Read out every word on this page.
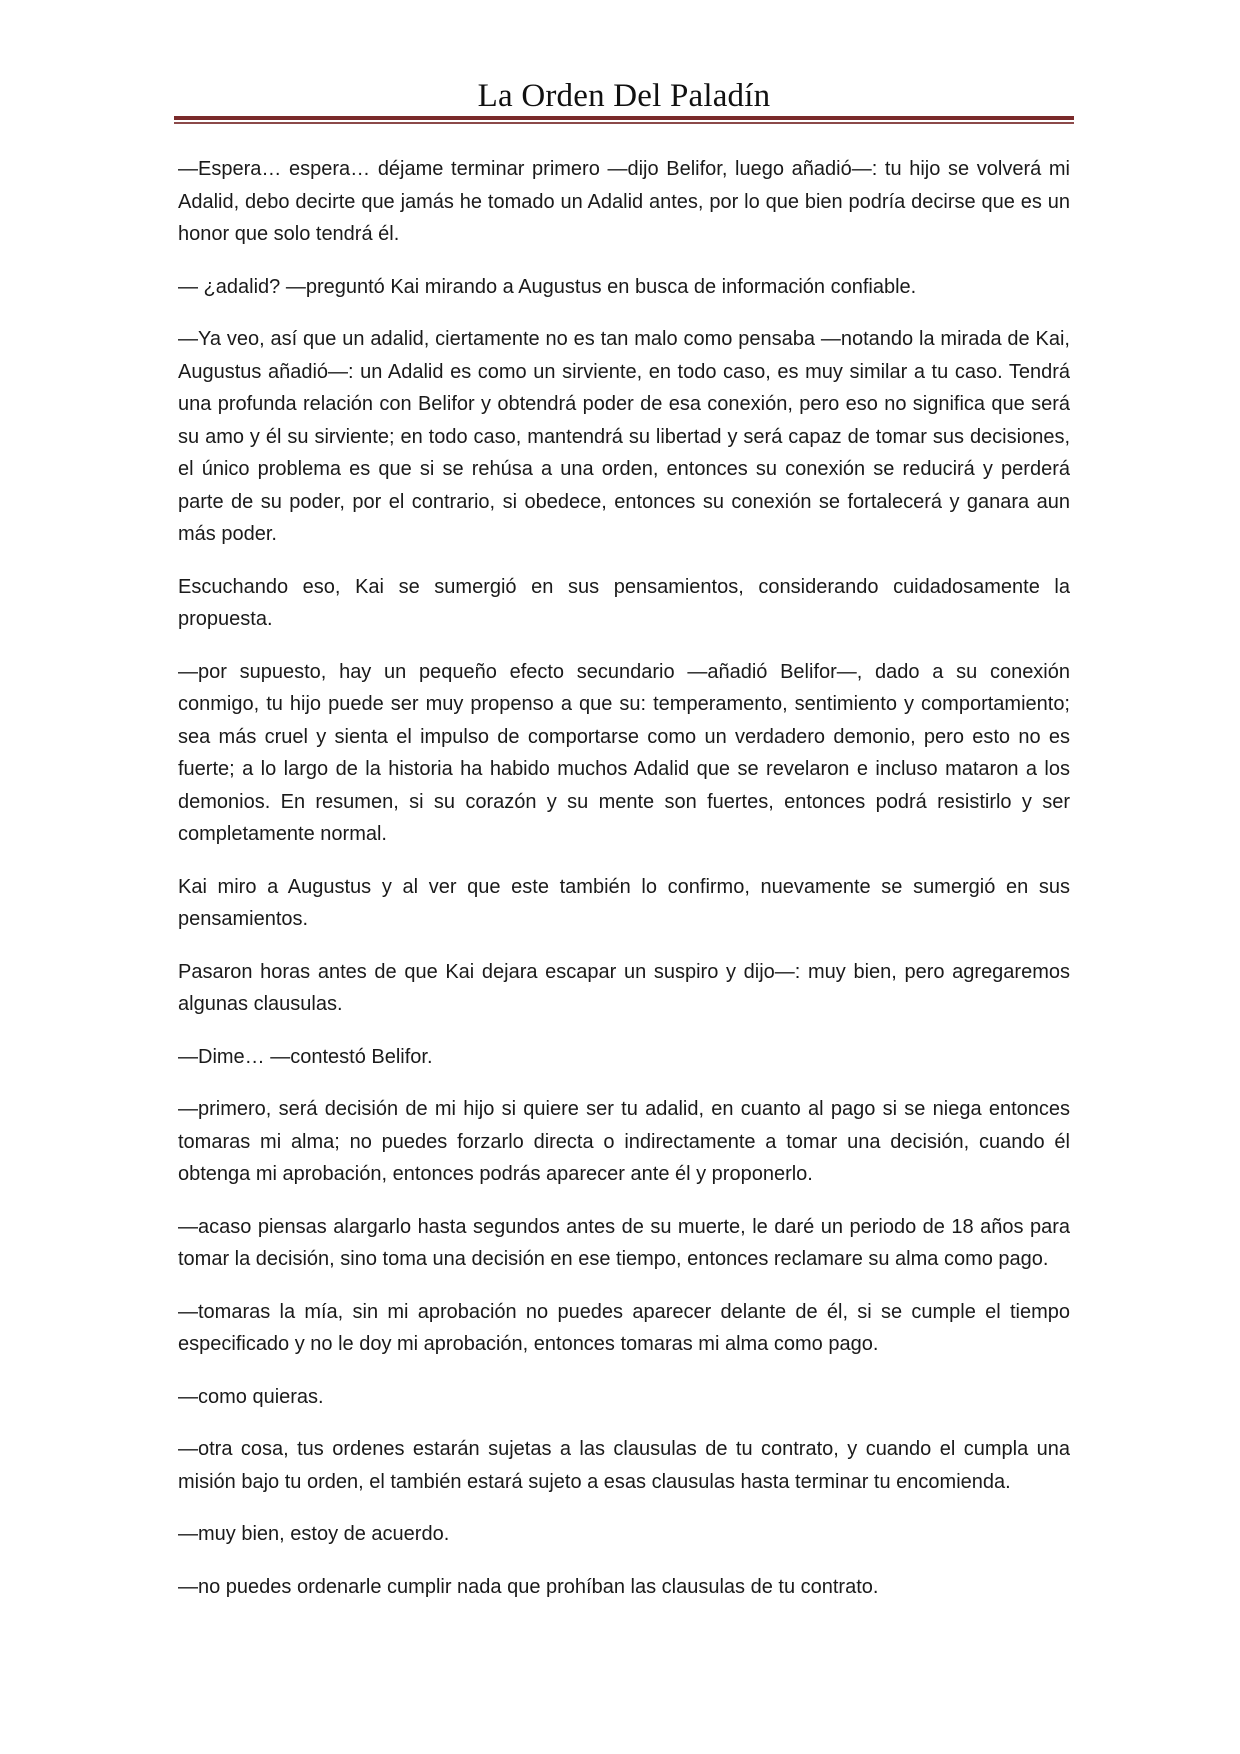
La Orden Del Paladín

—Espera… espera… déjame terminar primero —dijo Belifor, luego añadió—: tu hijo se volverá mi Adalid, debo decirte que jamás he tomado un Adalid antes, por lo que bien podría decirse que es un honor que solo tendrá él.

— ¿adalid? —preguntó Kai mirando a Augustus en busca de información confiable.

—Ya veo, así que un adalid, ciertamente no es tan malo como pensaba —notando la mirada de Kai, Augustus añadió—: un Adalid es como un sirviente, en todo caso, es muy similar a tu caso. Tendrá una profunda relación con Belifor y obtendrá poder de esa conexión, pero eso no significa que será su amo y él su sirviente; en todo caso, mantendrá su libertad y será capaz de tomar sus decisiones, el único problema es que si se rehúsa a una orden, entonces su conexión se reducirá y perderá parte de su poder, por el contrario, si obedece, entonces su conexión se fortalecerá y ganara aun más poder.

Escuchando eso, Kai se sumergió en sus pensamientos, considerando cuidadosamente la propuesta.

—por supuesto, hay un pequeño efecto secundario —añadió Belifor—, dado a su conexión conmigo, tu hijo puede ser muy propenso a que su: temperamento, sentimiento y comportamiento; sea más cruel y sienta el impulso de comportarse como un verdadero demonio, pero esto no es fuerte; a lo largo de la historia ha habido muchos Adalid que se revelaron e incluso mataron a los demonios. En resumen, si su corazón y su mente son fuertes, entonces podrá resistirlo y ser completamente normal.

Kai miro a Augustus y al ver que este también lo confirmo, nuevamente se sumergió en sus pensamientos.

Pasaron horas antes de que Kai dejara escapar un suspiro y dijo—: muy bien, pero agregaremos algunas clausulas.

—Dime… —contestó Belifor.

—primero, será decisión de mi hijo si quiere ser tu adalid, en cuanto al pago si se niega entonces tomaras mi alma; no puedes forzarlo directa o indirectamente a tomar una decisión, cuando él obtenga mi aprobación, entonces podrás aparecer ante él y proponerlo.

—acaso piensas alargarlo hasta segundos antes de su muerte, le daré un periodo de 18 años para tomar la decisión, sino toma una decisión en ese tiempo, entonces reclamare su alma como pago.

—tomaras la mía, sin mi aprobación no puedes aparecer delante de él, si se cumple el tiempo especificado y no le doy mi aprobación, entonces tomaras mi alma como pago.

—como quieras.

—otra cosa, tus ordenes estarán sujetas a las clausulas de tu contrato, y cuando el cumpla una misión bajo tu orden, el también estará sujeto a esas clausulas hasta terminar tu encomienda.

—muy bien, estoy de acuerdo.

—no puedes ordenarle cumplir nada que prohíban las clausulas de tu contrato.
